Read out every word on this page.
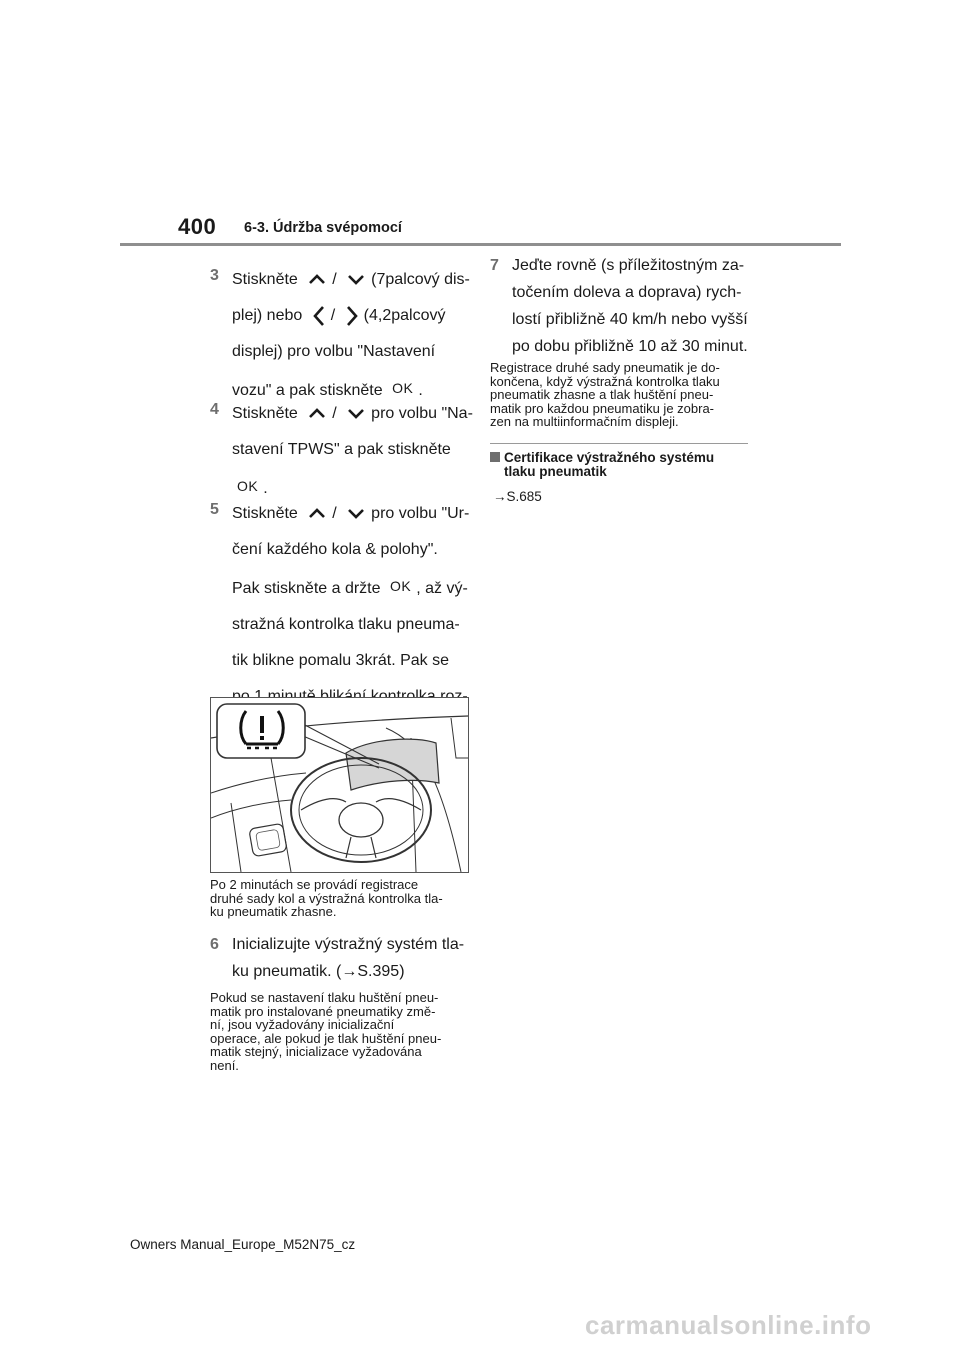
400 6-3. Údržba svépomocí
3 Stiskněte / (7palcový dis-
plej) nebo / (4,2palcový
displej) pro volbu "Nastavení
vozu" a pak stiskněte OK .
4 Stiskněte / pro volbu "Na-
stavení TPWS" a pak stiskněte
OK .
5 Stiskněte / pro volbu "Ur-
čení každého kola & polohy".
Pak stiskněte a držte OK , až vý-
stražná kontrolka tlaku pneuma-
tik blikne pomalu 3krát. Pak se
Po 2 minutách se provádí registrace
druhé sady kol a výstražná kontrolka tla-
ku pneumatik zhasne.
6 Inicializujte výstražný systém tla-
ku pneumatik. (→S.395)
Pokud se nastavení tlaku huštění pneu-
matik pro instalované pneumatiky změ-
ní, jsou vyžadovány inicializační
operace, ale pokud je tlak huštění pneu-
matik stejný, inicializace vyžadována
není.
7 Jeďte rovně (s příležitostným za-
točením doleva a doprava) rych-
lostí přibližně 40 km/h nebo vyšší
po dobu přibližně 10 až 30 minut.
Registrace druhé sady pneumatik je do-
končena, když výstražná kontrolka tlaku
pneumatik zhasne a tlak huštění pneu-
matik pro každou pneumatiku je zobra-
zen na multiinformačním displeji.
Certifikace výstražného systému
tlaku pneumatik
→S.685
Owners Manual_Europe_M52N75_cz
carmanualsonline.info
